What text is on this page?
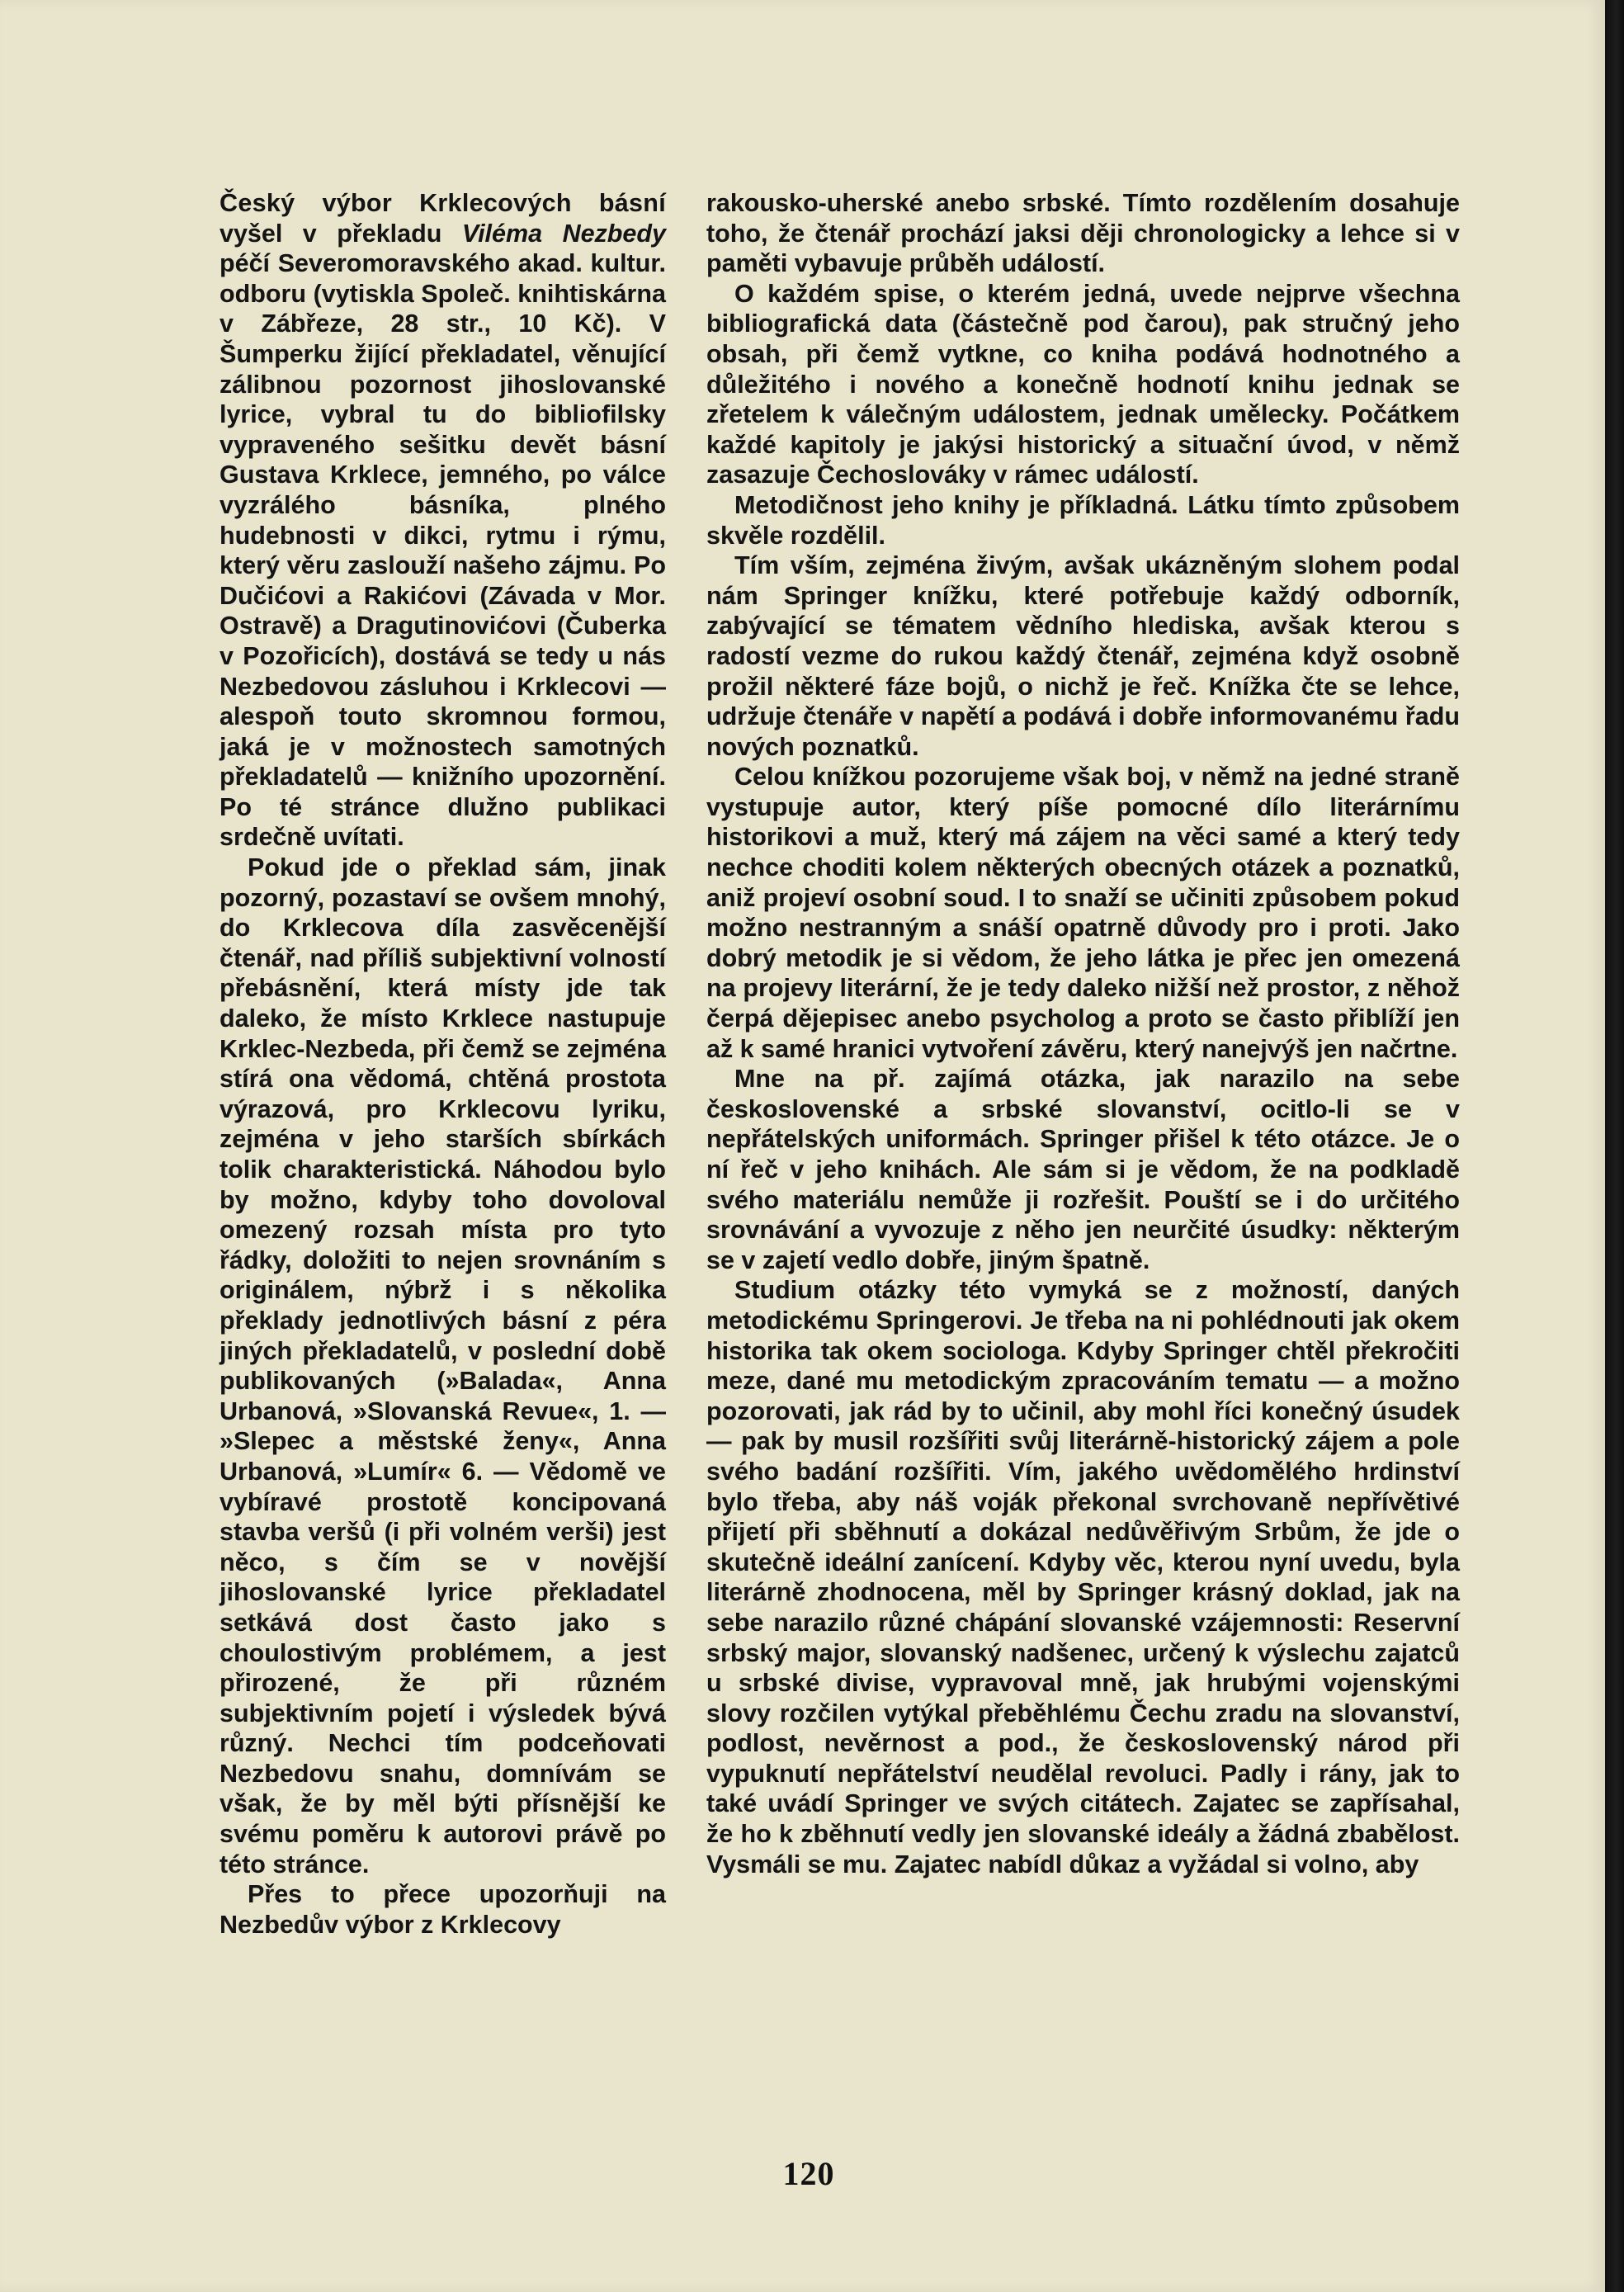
Český výbor Krklecových básní vyšel v překladu Viléma Nezbedy péčí Severomoravského akad. kultur. odboru (vytiskla Společ. knihtiskárna v Zábřeze, 28 str., 10 Kč). V Šumperku žijící překladatel, věnující zálibnou pozornost jihoslovanské lyrice, vybral tu do bibliofilsky vypraveného sešitku devět básní Gustava Krklece, jemného, po válce vyzrálého básníka, plného hudebnosti v dikci, rytmu i rýmu, který věru zaslouží našeho zájmu. Po Dučićovi a Rakićovi (Závada v Mor. Ostravě) a Dragutinovićovi (Čuberka v Pozořicích), dostává se tedy u nás Nezbedovou zásluhou i Krklecovi — alespoň touto skromnou formou, jaká je v možnostech samotných překladatelů — knižního upozornění. Po té stránce dlužno publikaci srdečně uvítati.

Pokud jde o překlad sám, jinak pozorný, pozastaví se ovšem mnohý, do Krklecova díla zasvěcenější čtenář, nad příliš subjektivní volností přebásnění, která místy jde tak daleko, že místo Krklece nastupuje Krklec-Nezbeda, při čemž se zejména stírá ona vědomá, chtěná prostota výrazová, pro Krklecovu lyriku, zejména v jeho starších sbírkách tolik charakteristická. Náhodou bylo by možno, kdyby toho dovoloval omezený rozsah místa pro tyto řádky, doložiti to nejen srovnáním s originálem, nýbrž i s několika překlady jednotlivých básní z péra jiných překladatelů, v poslední době publikovaných (»Balada«, Anna Urbanová, »Slovanská Revue«, 1. — »Slepec a městské ženy«, Anna Urbanová, »Lumír« 6. — Vědomě ve vybíravé prostotě koncipovaná stavba veršů (i při volném verši) jest něco, s čím se v novější jihoslovanské lyrice překladatel setkává dost často jako s choulostivým problémem, a jest přirozené, že při různém subjektivním pojetí i výsledek bývá různý. Nechci tím podceňovati Nezbedovu snahu, domnívám se však, že by měl býti přísnější ke svému poměru k autorovi právě po této stránce.

Přes to přece upozorňuji na Nezbedův výbor z Krklecovy

rakousko-uherské anebo srbské. Tímto rozdělením dosahuje toho, že čtenář prochází jaksi ději chronologicky a lehce si v paměti vybavuje průběh událostí.

O každém spise, o kterém jedná, uvede nejprve všechna bibliografická data (částečně pod čarou), pak stručný jeho obsah, při čemž vytkne, co kniha podává hodnotného a důležitého i nového a konečně hodnotí knihu jednak se zřetelem k válečným událostem, jednak umělecky. Počátkem každé kapitoly je jakýsi historický a situační úvod, v němž zasazuje Čechoslováky v rámec událostí.

Metodičnost jeho knihy je příkladná. Látku tímto způsobem skvěle rozdělil.

Tím vším, zejména živým, avšak ukázněným slohem podal nám Springer knížku, které potřebuje každý odborník, zabývající se tématem vědního hlediska, avšak kterou s radostí vezme do rukou každý čtenář, zejména když osobně prožil některé fáze bojů, o nichž je řeč. Knížka čte se lehce, udržuje čtenáře v napětí a podává i dobře informovanému řadu nových poznatků.

Celou knížkou pozorujeme však boj, v němž na jedné straně vystupuje autor, který píše pomocné dílo literárnímu historikovi a muž, který má zájem na věci samé a který tedy nechce choditi kolem některých obecných otázek a poznatků, aniž projeví osobní soud. I to snaží se učiniti způsobem pokud možno nestranným a snáší opatrně důvody pro i proti. Jako dobrý metodik je si vědom, že jeho látka je přec jen omezená na projevy literární, že je tedy daleko nižší než prostor, z něhož čerpá dějepisec anebo psycholog a proto se často přiblíží jen až k samé hranici vytvoření závěru, který nanejvýš jen načrtne.

Mne na př. zajímá otázka, jak narazilo na sebe československé a srbské slovanství, ocitlo-li se v nepřátelských uniformách. Springer přišel k této otázce. Je o ní řeč v jeho knihách. Ale sám si je vědom, že na podkladě svého materiálu nemůže ji rozřešit. Pouští se i do určitého srovnávání a vyvozuje z něho jen neurčité úsudky: některým se v zajetí vedlo dobře, jiným špatně.

Studium otázky této vymyká se z možností, daných metodickému Springerovi. Je třeba na ni pohlédnouti jak okem historika tak okem sociologa. Kdyby Springer chtěl překročiti meze, dané mu metodickým zpracováním tematu — a možno pozorovati, jak rád by to učinil, aby mohl říci konečný úsudek — pak by musil rozšířiti svůj literárně-historický zájem a pole svého badání rozšířiti. Vím, jakého uvědomělého hrdinství bylo třeba, aby náš voják překonal svrchovaně nepřívětivé přijetí při sběhnutí a dokázal nedůvěřivým Srbům, že jde o skutečně ideální zanícení. Kdyby věc, kterou nyní uvedu, byla literárně zhodnocena, měl by Springer krásný doklad, jak na sebe narazilo různé chápání slovanské vzájemnosti: Reservní srbský major, slovanský nadšenec, určený k výslechu zajatců u srbské divise, vypravoval mně, jak hrubými vojenskými slovy rozčilen vytýkal přeběhlému Čechu zradu na slovanství, podlost, nevěrnost a pod., že československý národ při vypuknutí nepřátelství neudělal revoluci. Padly i rány, jak to také uvádí Springer ve svých citátech. Zajatec se zapřísahal, že ho k zběhnutí vedly jen slovanské ideály a žádná zbabělost. Vysmáli se mu. Zajatec nabídl důkaz a vyžádal si volno, aby

120
